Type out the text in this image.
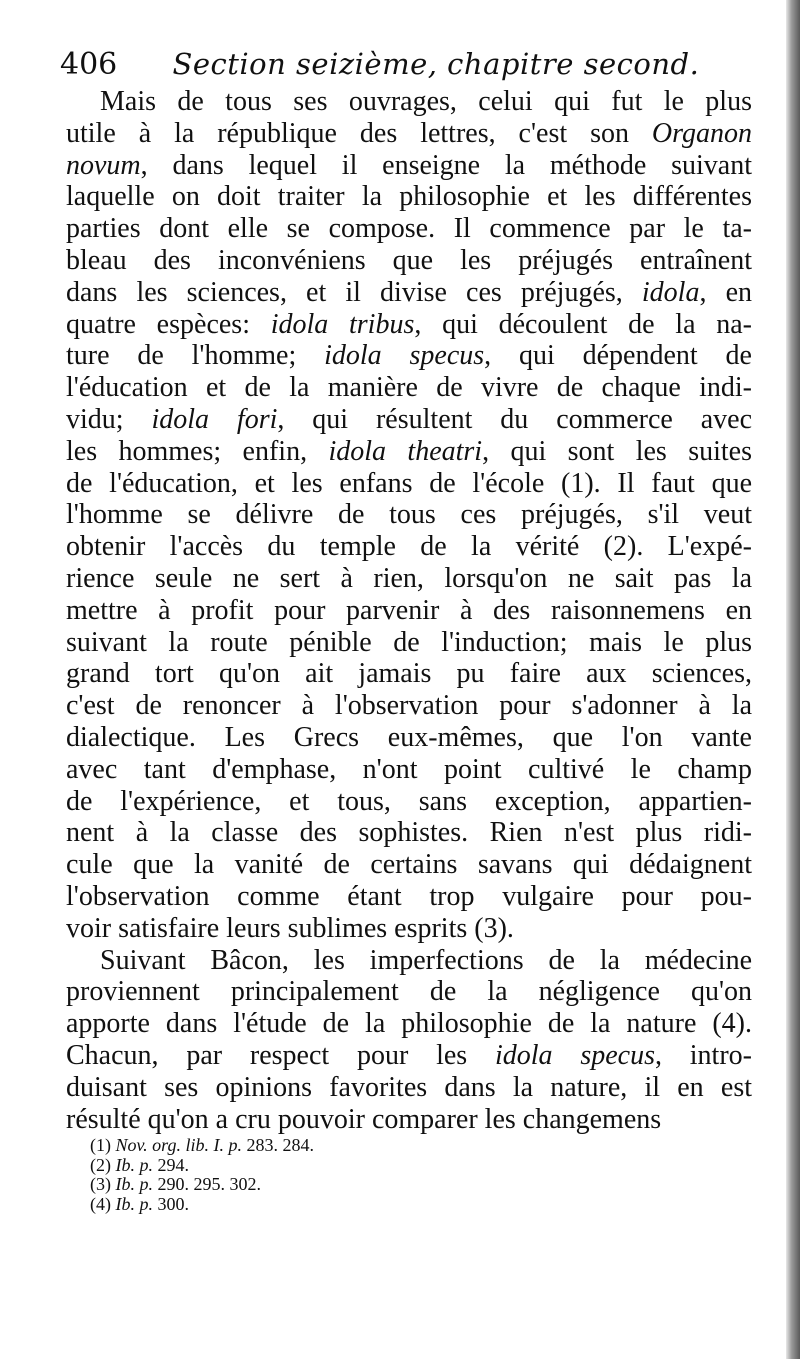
406 Section seizième, chapitre second.
Mais de tous ses ouvrages, celui qui fut le plus
utile à la république des lettres, c'est son Organon
novum, dans lequel il enseigne la méthode suivant
laquelle on doit traiter la philosophie et les différentes
parties dont elle se compose. Il commence par le ta-
bleau des inconvéniens que les préjugés entraînent
dans les sciences, et il divise ces préjugés, idola, en
quatre espèces: idola tribus, qui découlent de la na-
ture de l'homme; idola specus, qui dépendent de
l'éducation et de la manière de vivre de chaque indi-
vidu; idola fori, qui résultent du commerce avec
les hommes; enfin, idola theatri, qui sont les suites
de l'éducation, et les enfans de l'école (1). Il faut que
l'homme se délivre de tous ces préjugés, s'il veut
obtenir l'accès du temple de la vérité (2). L'expé-
rience seule ne sert à rien, lorsqu'on ne sait pas la
mettre à profit pour parvenir à des raisonnemens en
suivant la route pénible de l'induction; mais le plus
grand tort qu'on ait jamais pu faire aux sciences,
c'est de renoncer à l'observation pour s'adonner à la
dialectique. Les Grecs eux-mêmes, que l'on vante
avec tant d'emphase, n'ont point cultivé le champ
de l'expérience, et tous, sans exception, appartien-
nent à la classe des sophistes. Rien n'est plus ridi-
cule que la vanité de certains savans qui dédaignent
l'observation comme étant trop vulgaire pour pou-
voir satisfaire leurs sublimes esprits (3).
Suivant Bâcon, les imperfections de la médecine
proviennent principalement de la négligence qu'on
apporte dans l'étude de la philosophie de la nature (4).
Chacun, par respect pour les idola specus, intro-
duisant ses opinions favorites dans la nature, il en est
résulté qu'on a cru pouvoir comparer les changemens
(1) Nov. org. lib. I. p. 283. 284.
(2) Ib. p. 294.
(3) Ib. p. 290. 295. 302.
(4) Ib. p. 300.
